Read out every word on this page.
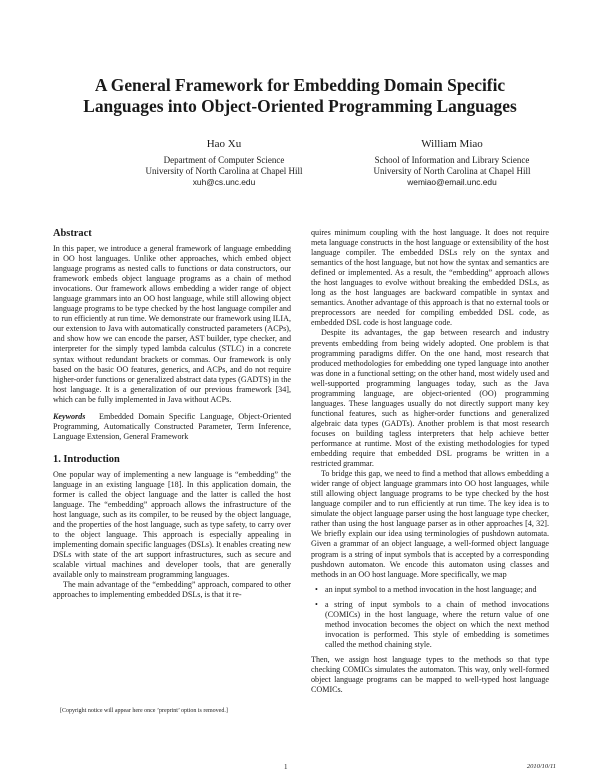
A General Framework for Embedding Domain Specific
Languages into Object-Oriented Programming Languages
Hao Xu
Department of Computer Science
University of North Carolina at Chapel Hill
xuh@cs.unc.edu
William Miao
School of Information and Library Science
University of North Carolina at Chapel Hill
wemiao@email.unc.edu
Abstract

In this paper, we introduce a general framework of language embedding in OO host languages. Unlike other approaches, which embed object language programs as nested calls to functions or data constructors, our framework embeds object language programs as a chain of method invocations. Our framework allows embedding a wider range of object language grammars into an OO host language, while still allowing object language programs to be type checked by the host language compiler and to run efficiently at run time. We demonstrate our framework using ILIA, our extension to Java with automatically constructed parameters (ACPs), and show how we can encode the parser, AST builder, type checker, and interpreter for the simply typed lambda calculus (STLC) in a concrete syntax without redundant brackets or commas. Our framework is only based on the basic OO features, generics, and ACPs, and do not require higher-order functions or generalized abstract data types (GADTS) in the host language. It is a generalization of our previous framework [34], which can be fully implemented in Java without ACPs.

Keywords Embedded Domain Specific Language, Object-Oriented Programming, Automatically Constructed Parameter, Term Inference, Language Extension, General Framework

1. Introduction

One popular way of implementing a new language is “embedding” the language in an existing language [18]. In this application domain, the former is called the object language and the latter is called the host language. The “embedding” approach allows the infrastructure of the host language, such as its compiler, to be reused by the object language, and the properties of the host language, such as type safety, to carry over to the object language. This approach is especially appealing in implementing domain specific languages (DSLs). It enables creating new DSLs with state of the art support infrastructures, such as secure and scalable virtual machines and developer tools, that are generally available only to mainstream programming languages.

The main advantage of the “embedding” approach, compared to other approaches to implementing embedded DSLs, is that it re-

quires minimum coupling with the host language. It does not require meta language constructs in the host language or extensibility of the host language compiler. The embedded DSLs rely on the syntax and semantics of the host language, but not how the syntax and semantics are defined or implemented. As a result, the “embedding” approach allows the host languages to evolve without breaking the embedded DSLs, as long as the host languages are backward compatible in syntax and semantics. Another advantage of this approach is that no external tools or preprocessors are needed for compiling embedded DSL code, as embedded DSL code is host language code.

Despite its advantages, the gap between research and industry prevents embedding from being widely adopted. One problem is that programming paradigms differ. On the one hand, most research that produced methodologies for embedding one typed language into another was done in a functional setting; on the other hand, most widely used and well-supported programming languages today, such as the Java programming language, are object-oriented (OO) programming languages. These languages usually do not directly support many key functional features, such as higher-order functions and generalized algebraic data types (GADTs). Another problem is that most research focuses on building tagless interpreters that help achieve better performance at runtime. Most of the existing methodologies for typed embedding require that embedded DSL programs be written in a restricted grammar.

To bridge this gap, we need to find a method that allows embedding a wider range of object language grammars into OO host languages, while still allowing object language programs to be type checked by the host language compiler and to run efficiently at run time. The key idea is to simulate the object language parser using the host language type checker, rather than using the host language parser as in other approaches [4, 32]. We briefly explain our idea using terminologies of pushdown automata. Given a grammar of an object language, a well-formed object language program is a string of input symbols that is accepted by a corresponding pushdown automaton. We encode this automaton using classes and methods in an OO host language. More specifically, we map

• an input symbol to a method invocation in the host language; and
• a string of input symbols to a chain of method invocations (COMICs) in the host language, where the return value of one method invocation becomes the object on which the next method invocation is performed. This style of embedding is sometimes called the method chaining style.

Then, we assign host language types to the methods so that type checking COMICs simulates the automaton. This way, only well-formed object language programs can be mapped to well-typed host language COMICs.

[Copyright notice will appear here once ’preprint’ option is removed.]
1	2010/10/11
